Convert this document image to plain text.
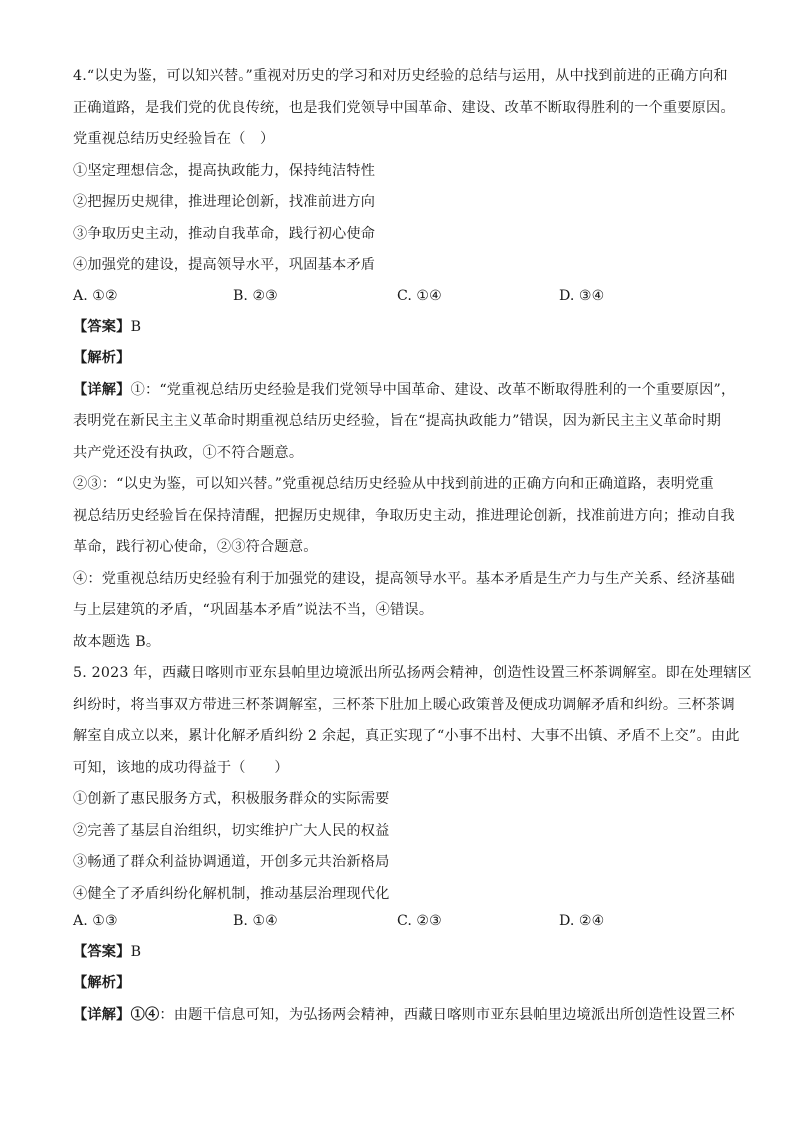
4.“以史为鉴，可以知兴替。”重视对历史的学习和对历史经验的总结与运用，从中找到前进的正确方向和
正确道路，是我们党的优良传统，也是我们党领导中国革命、建设、改革不断取得胜利的一个重要原因。
党重视总结历史经验旨在（　）
①坚定理想信念，提高执政能力，保持纯洁特性
②把握历史规律，推进理论创新，找准前进方向
③争取历史主动，推动自我革命，践行初心使命
④加强党的建设，提高领导水平，巩固基本矛盾
A. ①②	B. ②③	C. ①④	D. ③④
【答案】B
【解析】
【详解】①：“党重视总结历史经验是我们党领导中国革命、建设、改革不断取得胜利的一个重要原因”，
表明党在新民主主义革命时期重视总结历史经验，旨在“提高执政能力”错误，因为新民主主义革命时期
共产党还没有执政，①不符合题意。
②③：“以史为鉴，可以知兴替。”党重视总结历史经验从中找到前进的正确方向和正确道路，表明党重
视总结历史经验旨在保持清醒，把握历史规律，争取历史主动，推进理论创新，找准前进方向；推动自我
革命，践行初心使命，②③符合题意。
④：党重视总结历史经验有利于加强党的建设，提高领导水平。基本矛盾是生产力与生产关系、经济基础
与上层建筑的矛盾，“巩固基本矛盾”说法不当，④错误。
故本题选 B。
5. 2023 年，西藏日喀则市亚东县帕里边境派出所弘扬两会精神，创造性设置三杯茶调解室。即在处理辖区
纠纷时，将当事双方带进三杯茶调解室，三杯茶下肚加上暖心政策普及便成功调解矛盾和纠纷。三杯茶调
解室自成立以来，累计化解矛盾纠纷 2 余起，真正实现了“小事不出村、大事不出镇、矛盾不上交”。由此
可知，该地的成功得益于（　　）
①创新了惠民服务方式，积极服务群众的实际需要
②完善了基层自治组织，切实维护广大人民的权益
③畅通了群众利益协调通道，开创多元共治新格局
④健全了矛盾纠纷化解机制，推动基层治理现代化
A. ①③	B. ①④	C. ②③	D. ②④
【答案】B
【解析】
【详解】①④：由题干信息可知，为弘扬两会精神，西藏日喀则市亚东县帕里边境派出所创造性设置三杯
